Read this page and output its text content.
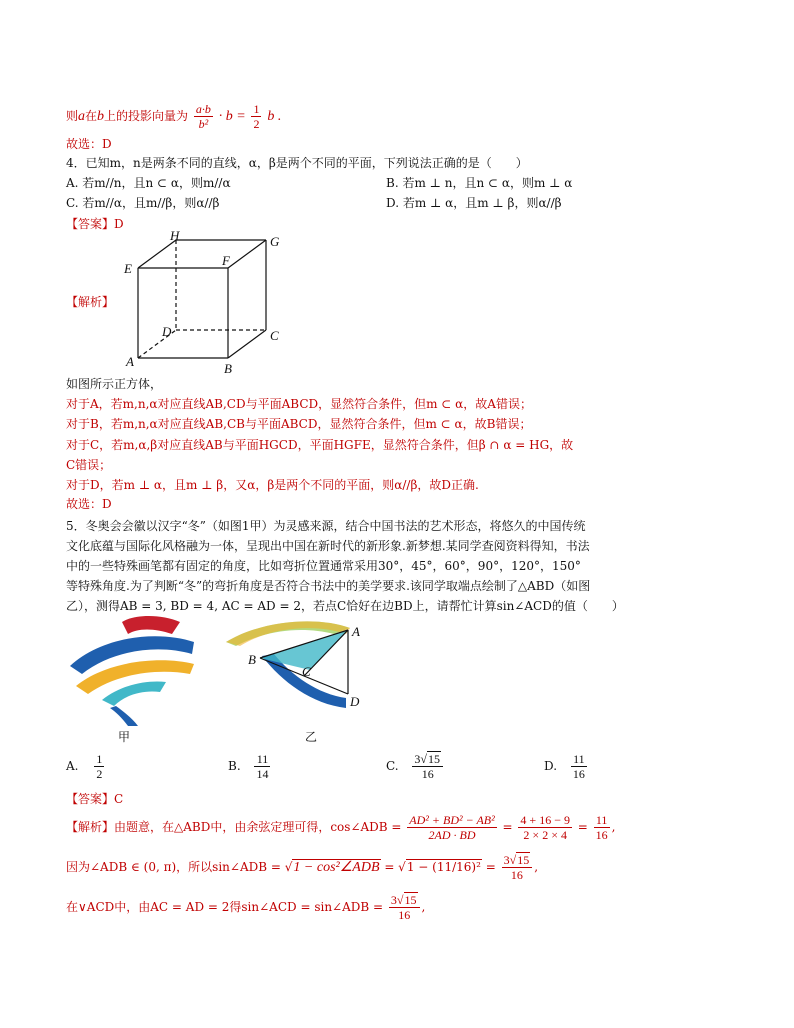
则a在b上的投影向量为 $\frac{a\cdot b}{\text{b²}} \cdot b = \frac{1}{2}$ b .
故选：D
4．已知m，n是两条不同的直线，α，β是两个不同的平面，下列说法正确的是（　　）
A. 若m//n，且n ⊂ α，则m//α	B. 若m ⊥ n，且n ⊂ α，则m ⊥ α
C. 若m//α，且m//β，则α//β	D. 若m ⊥ α，且m ⊥ β，则α//β
【答案】D
【解析】
H	G
E
F
D	C
A	B
如图所示正方体，
对于A，若m,n,α对应直线AB,CD与平面ABCD，显然符合条件，但m ⊂ α，故A错误；
对于B，若m,n,α对应直线AB,CB与平面ABCD，显然符合条件，但m ⊂ α，故B错误；
对于C，若m,α,β对应直线AB与平面HGCD，平面HGFE，显然符合条件，但β ∩ α = HG，故
C错误；
对于D，若m ⊥ α，且m ⊥ β，又α，β是两个不同的平面，则α//β，故D正确.
故选：D
5．冬奥会会徽以汉字“冬”（如图1甲）为灵感来源，结合中国书法的艺术形态，将悠久的中国传统
文化底蕴与国际化风格融为一体，呈现出中国在新时代的新形象.新梦想.某同学查阅资料得知，书法
中的一些特殊画笔都有固定的角度，比如弯折位置通常采用30°，45°，60°，90°，120°，150°
等特殊角度.为了判断“冬”的弯折角度是否符合书法中的美学要求.该同学取端点绘制了△ABD（如图
乙），测得AB = 3, BD = 4, AC = AD = 2，若点C恰好在边BD上，请帮忙计算sin∠ACD的值（　　）
A
B
C
D
甲	乙
A. $\frac{1}{2}$	B. $\frac{11}{14}$	C. $\frac{3√15}{16}$	D. $\frac{11}{16}$
【答案】C
【解析】由题意，在△ABD中，由余弦定理可得，cos∠ADB = $\frac{\text{AD² + BD² − AB²}}{2AD \cdot BD} = \frac{4 + 16 - 9}{2 \times 2 \times 4} = \frac{11}{16}$ ,
因为∠ADB ∈ (0, π)，所以sin∠ADB = √1 − cos²∠ADB = $√1 - (11/16)^2 = \frac{3√15}{16}$ ,
在∨ACD中，由AC = AD = 2得sin∠ACD = sin∠ADB = $\frac{3√15}{16}$ ,
